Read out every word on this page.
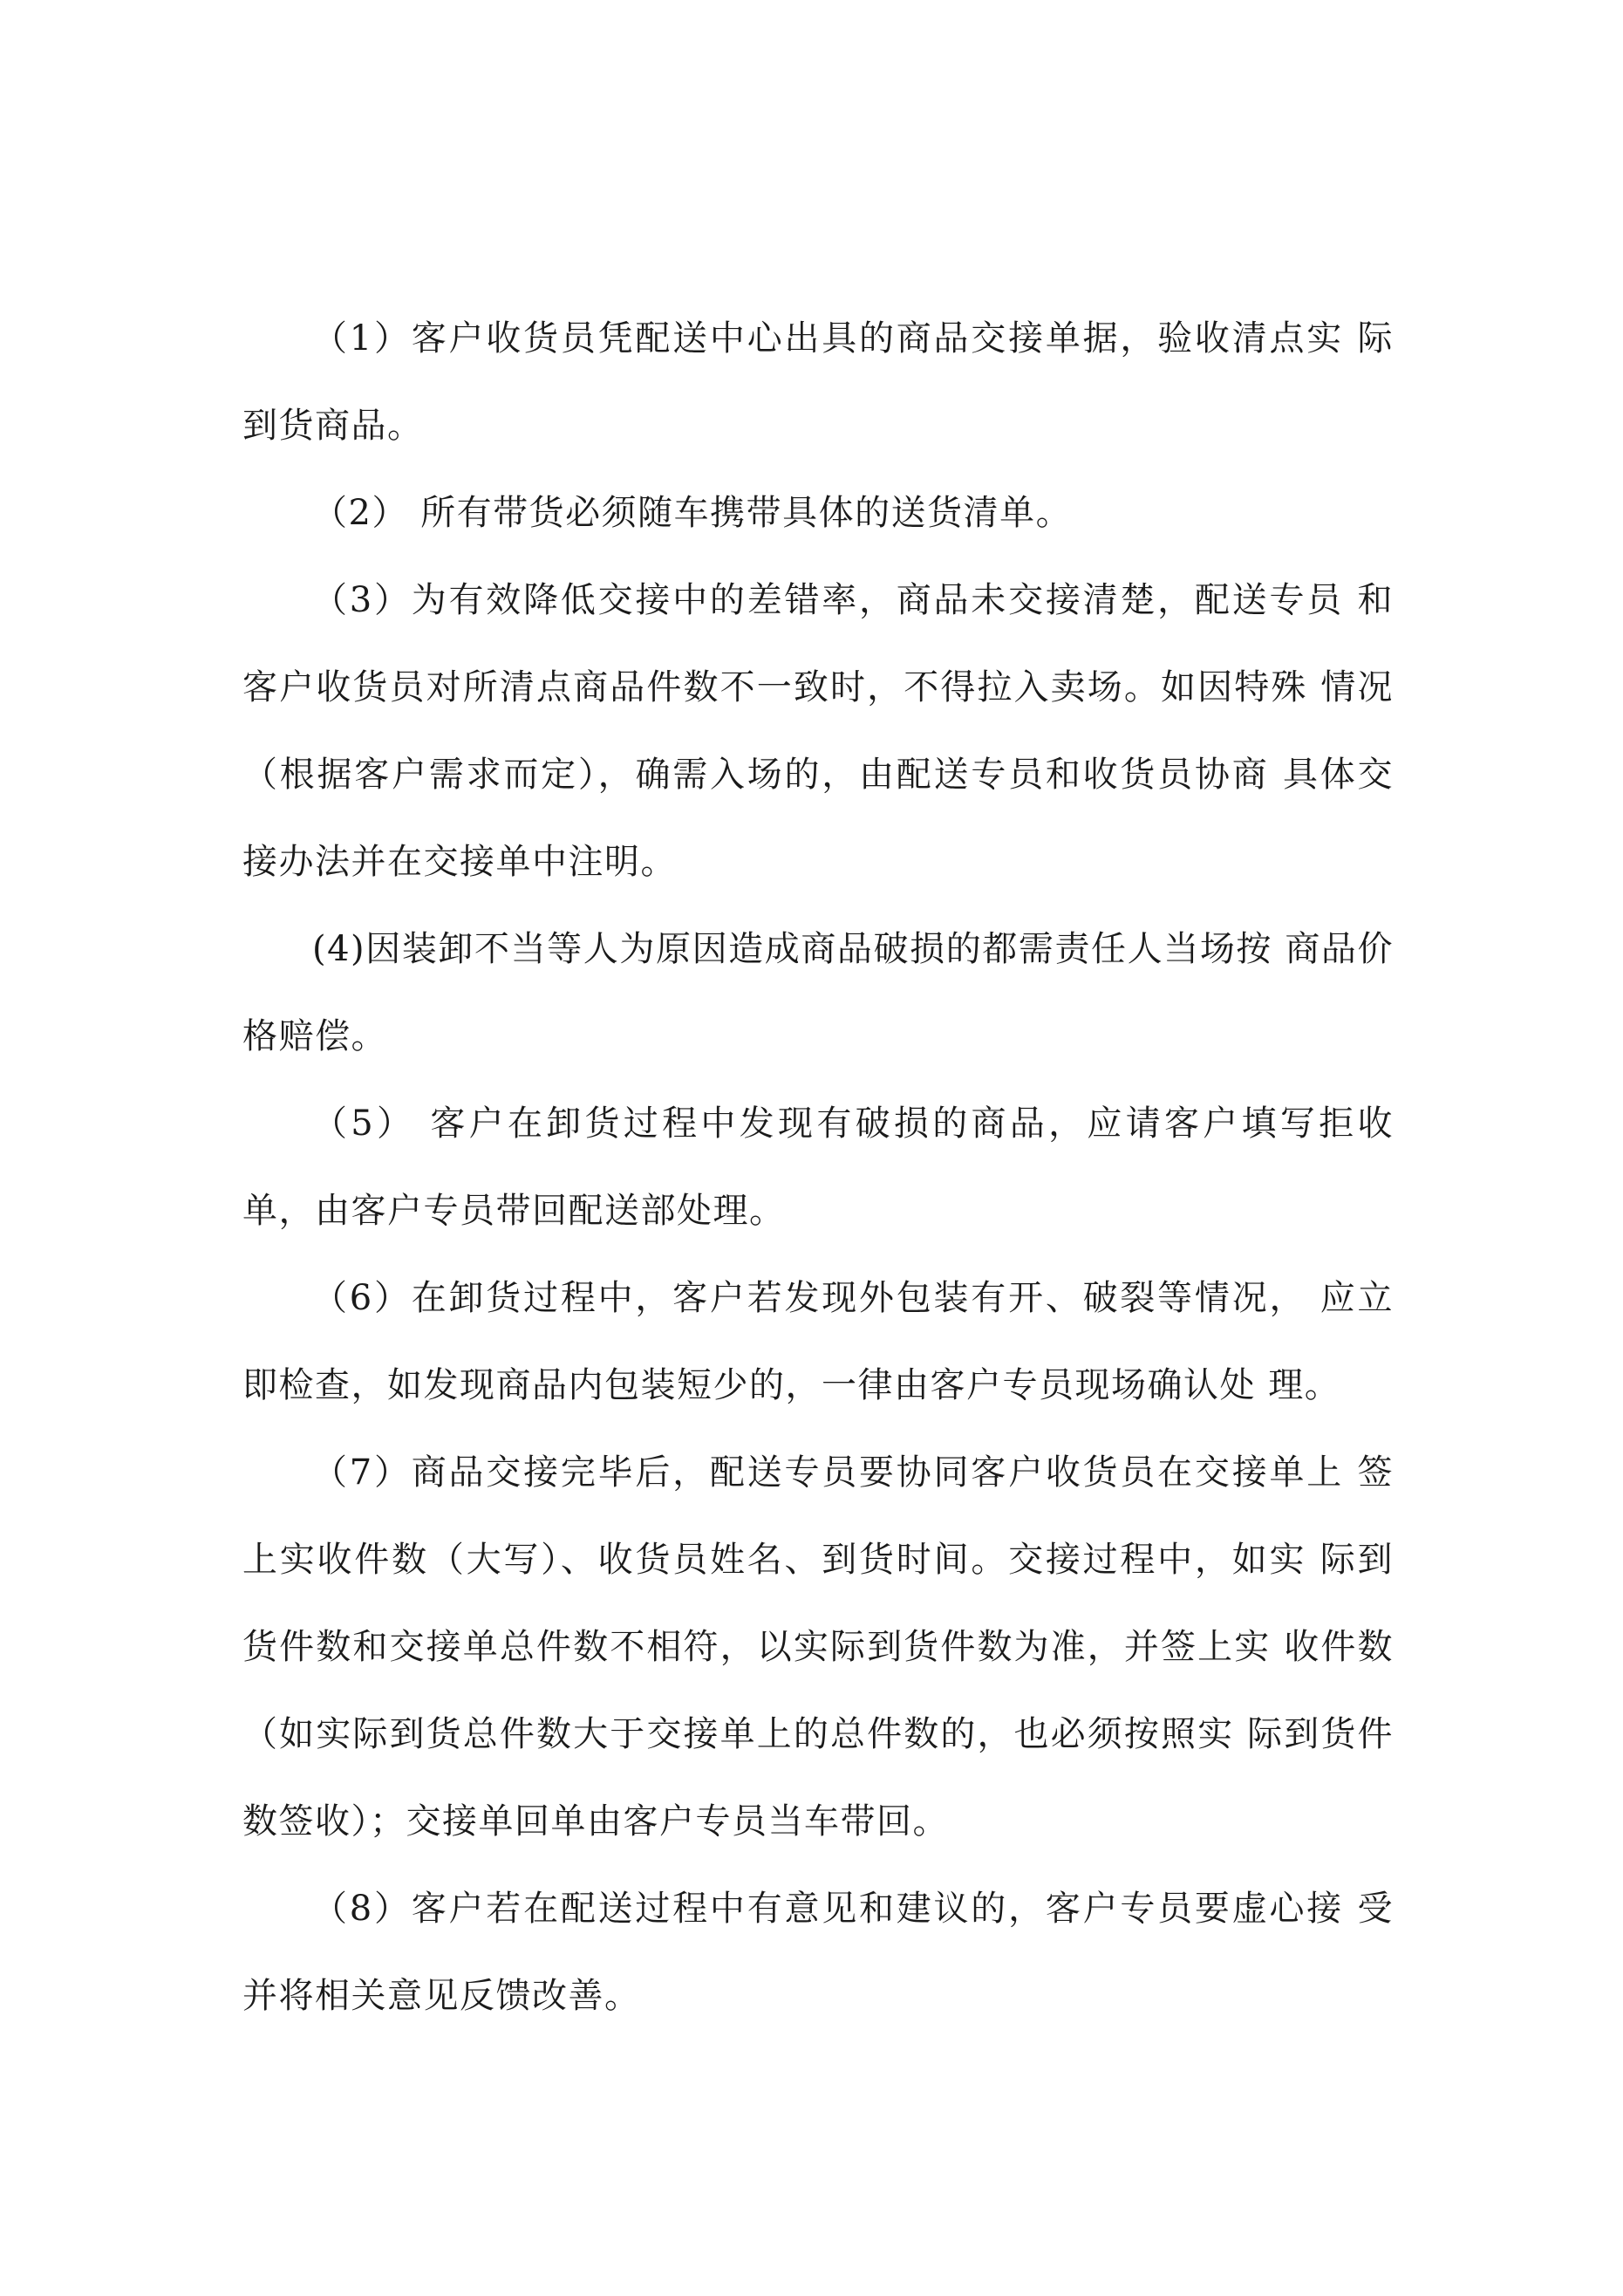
（1）客户收货员凭配送中心出具的商品交接单据，验收清点实 际到货商品。

（2） 所有带货必须随车携带具体的送货清单。

（3）为有效降低交接中的差错率，商品未交接清楚，配送专员 和客户收货员对所清点商品件数不一致时，不得拉入卖场。如因特殊 情况（根据客户需求而定），确需入场的，由配送专员和收货员协商 具体交接办法并在交接单中注明。

(4)因装卸不当等人为原因造成商品破损的都需责任人当场按 商品价格赔偿。

（5） 客户在卸货过程中发现有破损的商品，应请客户填写拒收 单，由客户专员带回配送部处理。

（6）在卸货过程中，客户若发现外包装有开、破裂等情况， 应立即检查，如发现商品内包装短少的，一律由客户专员现场确认处 理。

（7）商品交接完毕后，配送专员要协同客户收货员在交接单上 签上实收件数（大写）、收货员姓名、到货时间。交接过程中，如实 际到货件数和交接单总件数不相符，以实际到货件数为准，并签上实 收件数（如实际到货总件数大于交接单上的总件数的，也必须按照实 际到货件数签收）；交接单回单由客户专员当车带回。

（8）客户若在配送过程中有意见和建议的，客户专员要虚心接 受并将相关意见反馈改善。
